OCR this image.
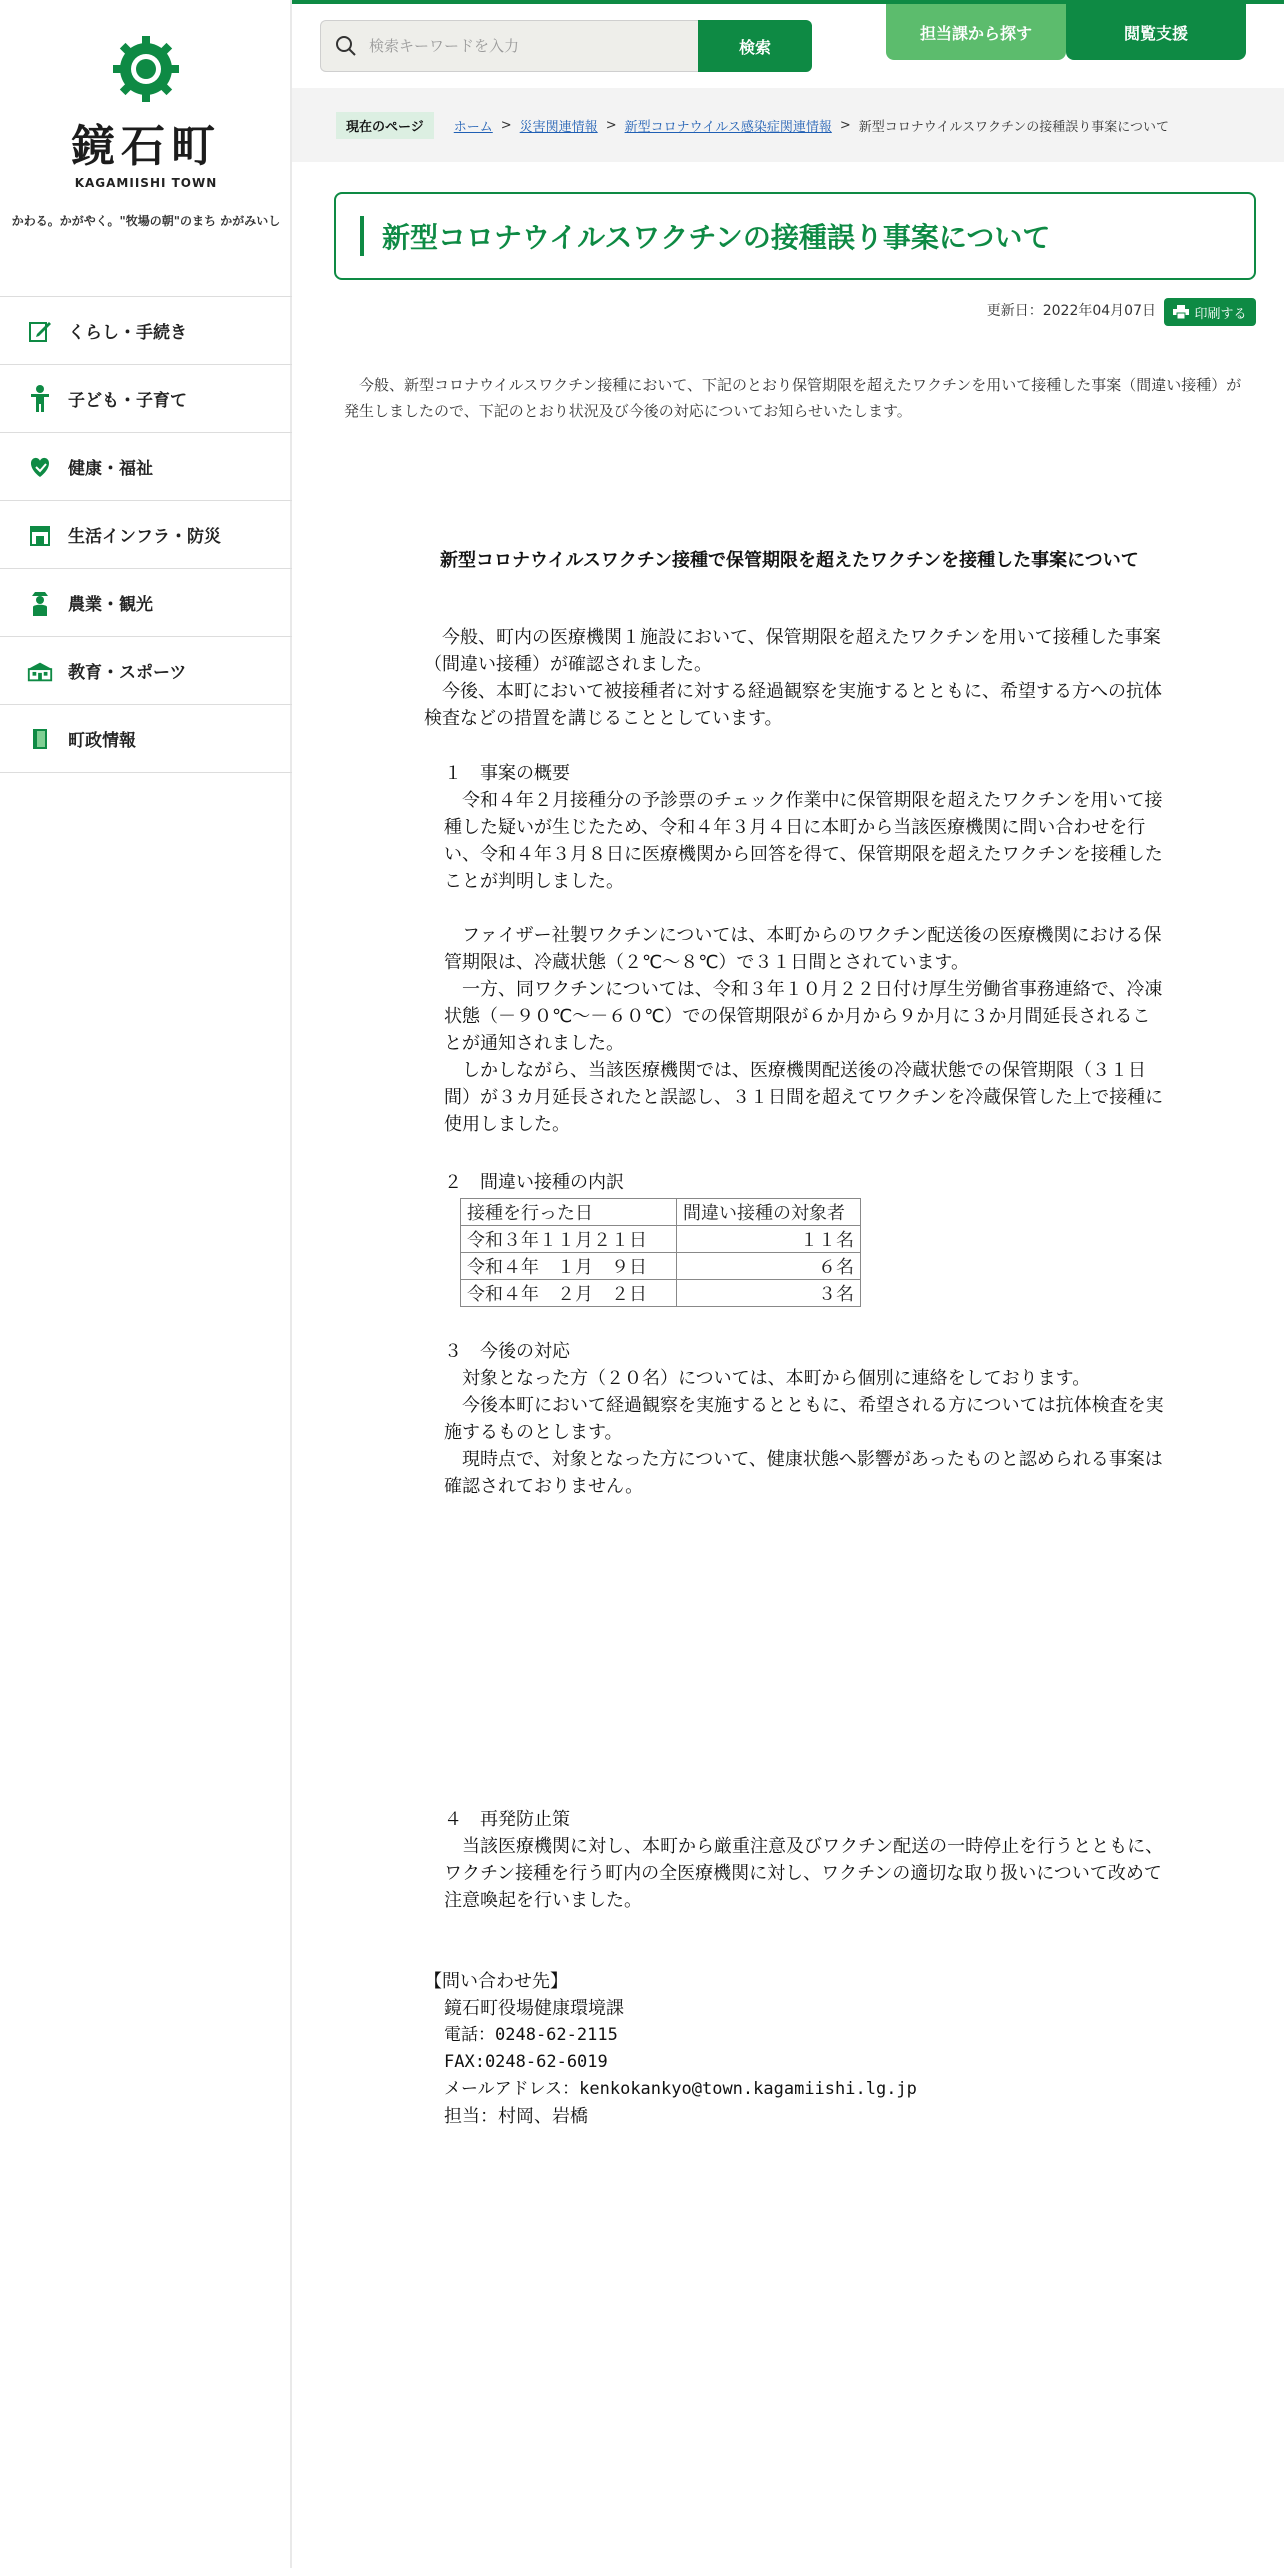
鏡石町
KAGAMIISHI TOWN
かわる。かがやく。"牧場の朝"のまち かがみいし
くらし・手続き
子ども・子育て
健康・福祉
生活インフラ・防災
農業・観光
教育・スポーツ
町政情報
検索キーワードを入力
検索
担当課から探す	閲覧支援
現在のページ	ホーム > 災害関連情報 > 新型コロナウイルス感染症関連情報 > 新型コロナウイルスワクチンの接種誤り事案について
新型コロナウイルスワクチンの接種誤り事案について
更新日：2022年04月07日	印刷する

　今般、新型コロナウイルスワクチン接種において、下記のとおり保管期限を超えたワクチンを用いて接種した事案（間違い接種）が発生しましたので、下記のとおり状況及び今後の対応についてお知らせいたします。

新型コロナウイルスワクチン接種で保管期限を超えたワクチンを接種した事案について

　今般、町内の医療機関１施設において、保管期限を超えたワクチンを用いて接種した事案（間違い接種）が確認されました。

　今後、本町において被接種者に対する経過観察を実施するとともに、希望する方への抗体検査などの措置を講じることとしています。

１　事案の概要

　令和４年２月接種分の予診票のチェック作業中に保管期限を超えたワクチンを用いて接種した疑いが生じたため、令和４年３月４日に本町から当該医療機関に問い合わせを行い、令和４年３月８日に医療機関から回答を得て、保管期限を超えたワクチンを接種したことが判明しました。

　ファイザー社製ワクチンについては、本町からのワクチン配送後の医療機関における保管期限は、冷蔵状態（２℃～８℃）で３１日間とされています。

　一方、同ワクチンについては、令和３年１０月２２日付け厚生労働省事務連絡で、冷凍状態（－９０℃～－６０℃）での保管期限が６か月から９か月に３か月間延長されることが通知されました。

　しかしながら、当該医療機関では、医療機関配送後の冷蔵状態での保管期限（３１日間）が３カ月延長されたと誤認し、３１日間を超えてワクチンを冷蔵保管した上で接種に使用しました。

２　間違い接種の内訳

接種を行った日	間違い接種の対象者
令和３年１１月２１日	１１名
令和４年　１月　９日	６名
令和４年　２月　２日	３名

３　今後の対応

　対象となった方（２０名）については、本町から個別に連絡をしております。

　今後本町において経過観察を実施するとともに、希望される方については抗体検査を実施するものとします。

　現時点で、対象となった方について、健康状態へ影響があったものと認められる事案は確認されておりません。

４　再発防止策

　当該医療機関に対し、本町から厳重注意及びワクチン配送の一時停止を行うとともに、ワクチン接種を行う町内の全医療機関に対し、ワクチンの適切な取り扱いについて改めて注意喚起を行いました。

【問い合わせ先】
鏡石町役場健康環境課
電話：0248-62-2115
FAX:0248-62-6019
メールアドレス：kenkokankyo@town.kagamiishi.lg.jp
担当：村岡、岩橋
